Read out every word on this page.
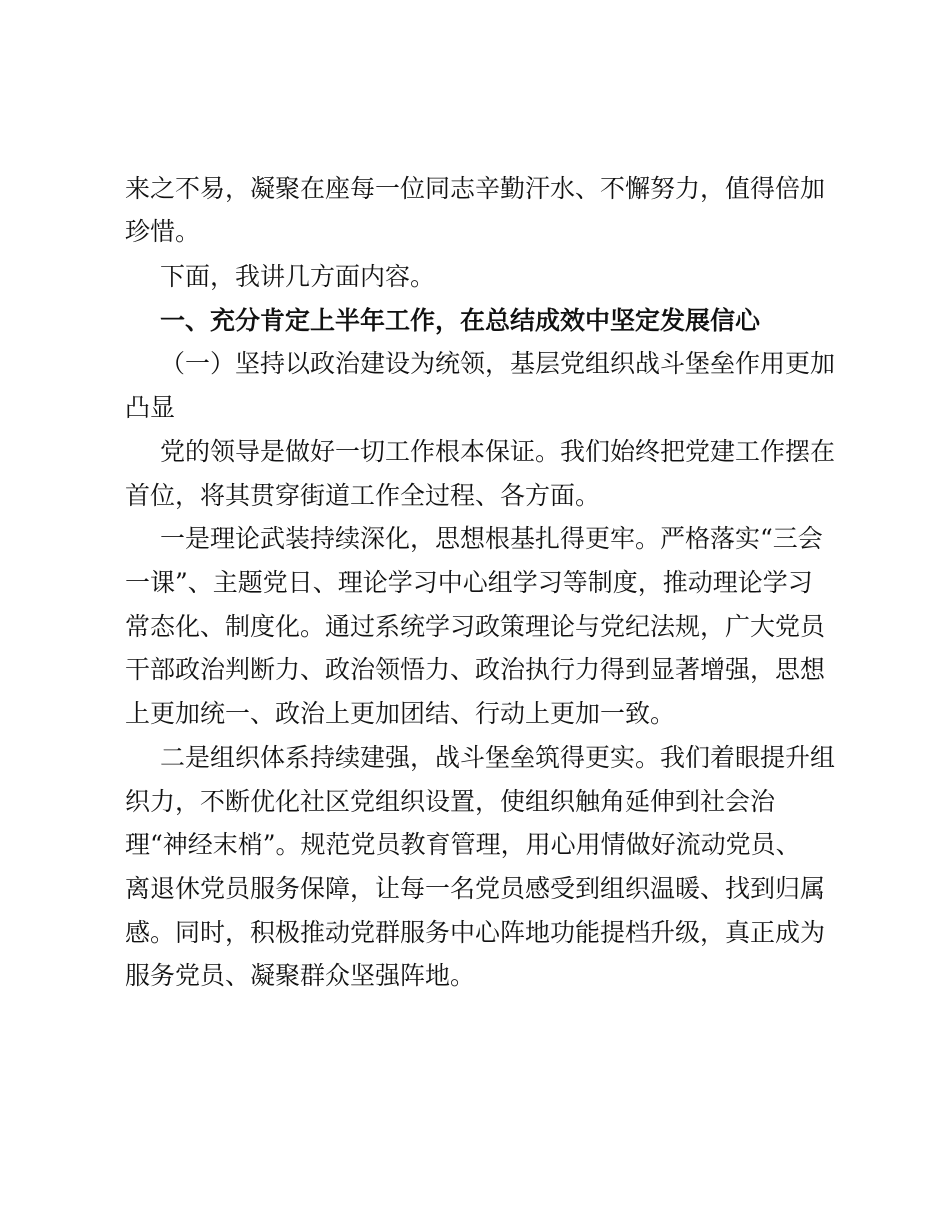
来之不易，凝聚在座每一位同志辛勤汗水、不懈努力，值得倍加
珍惜。
下面，我讲几方面内容。
一、充分肯定上半年工作，在总结成效中坚定发展信心
（一）坚持以政治建设为统领，基层党组织战斗堡垒作用更加
凸显
党的领导是做好一切工作根本保证。我们始终把党建工作摆在
首位，将其贯穿街道工作全过程、各方面。
一是理论武装持续深化，思想根基扎得更牢。严格落实“三会
一课”、主题党日、理论学习中心组学习等制度，推动理论学习
常态化、制度化。通过系统学习政策理论与党纪法规，广大党员
干部政治判断力、政治领悟力、政治执行力得到显著增强，思想
上更加统一、政治上更加团结、行动上更加一致。
二是组织体系持续建强，战斗堡垒筑得更实。我们着眼提升组
织力，不断优化社区党组织设置，使组织触角延伸到社会治
理“神经末梢”。规范党员教育管理，用心用情做好流动党员、
离退休党员服务保障，让每一名党员感受到组织温暖、找到归属
感。同时，积极推动党群服务中心阵地功能提档升级，真正成为
服务党员、凝聚群众坚强阵地。
